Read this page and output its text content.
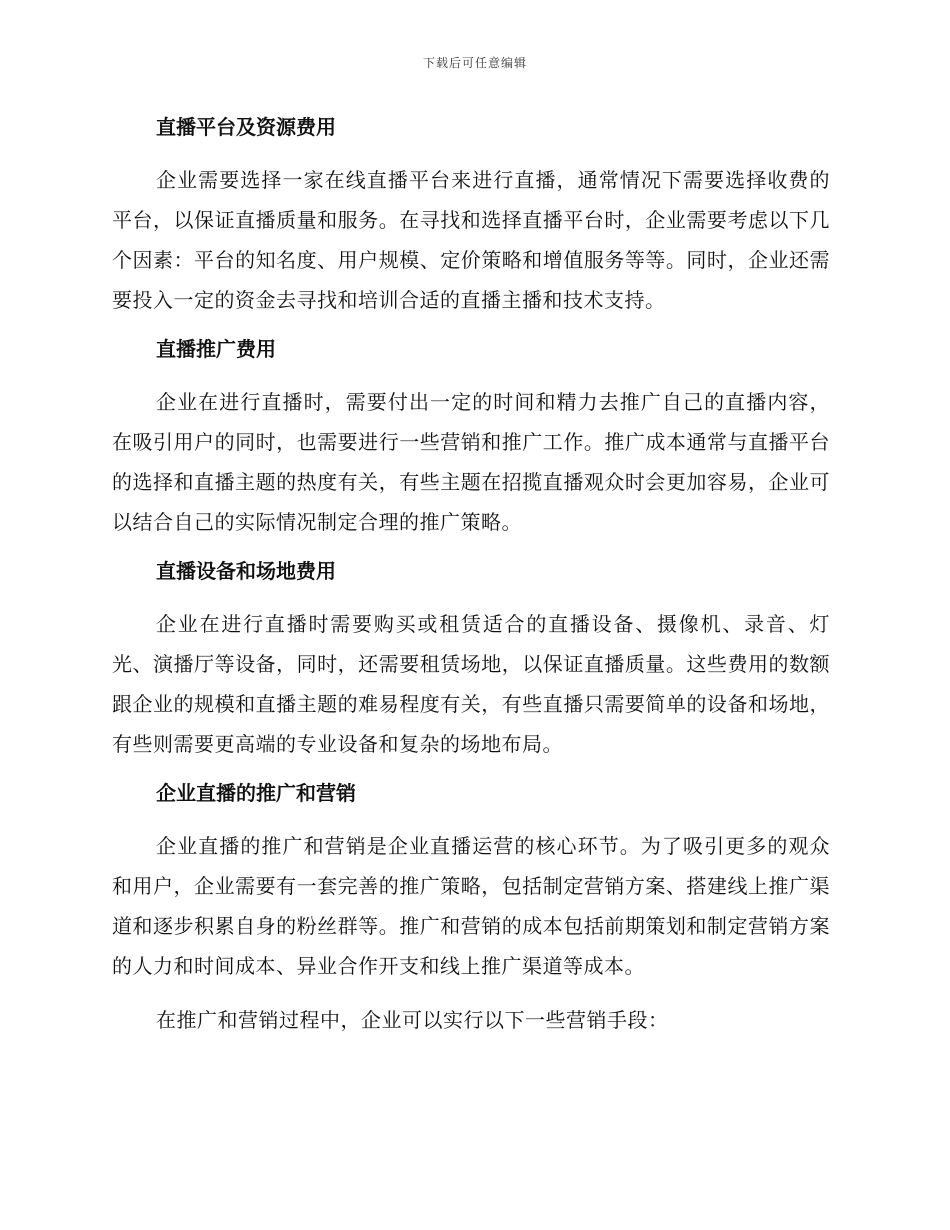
下载后可任意编辑
直播平台及资源费用

企业需要选择一家在线直播平台来进行直播，通常情况下需要选择收费的平台，以保证直播质量和服务。在寻找和选择直播平台时，企业需要考虑以下几个因素：平台的知名度、用户规模、定价策略和增值服务等等。同时，企业还需要投入一定的资金去寻找和培训合适的直播主播和技术支持。

直播推广费用

企业在进行直播时，需要付出一定的时间和精力去推广自己的直播内容，在吸引用户的同时，也需要进行一些营销和推广工作。推广成本通常与直播平台的选择和直播主题的热度有关，有些主题在招揽直播观众时会更加容易，企业可以结合自己的实际情况制定合理的推广策略。

直播设备和场地费用

企业在进行直播时需要购买或租赁适合的直播设备、摄像机、录音、灯光、演播厅等设备，同时，还需要租赁场地，以保证直播质量。这些费用的数额跟企业的规模和直播主题的难易程度有关，有些直播只需要简单的设备和场地，有些则需要更高端的专业设备和复杂的场地布局。

企业直播的推广和营销

企业直播的推广和营销是企业直播运营的核心环节。为了吸引更多的观众和用户，企业需要有一套完善的推广策略，包括制定营销方案、搭建线上推广渠道和逐步积累自身的粉丝群等。推广和营销的成本包括前期策划和制定营销方案的人力和时间成本、异业合作开支和线上推广渠道等成本。

在推广和营销过程中，企业可以实行以下一些营销手段：
